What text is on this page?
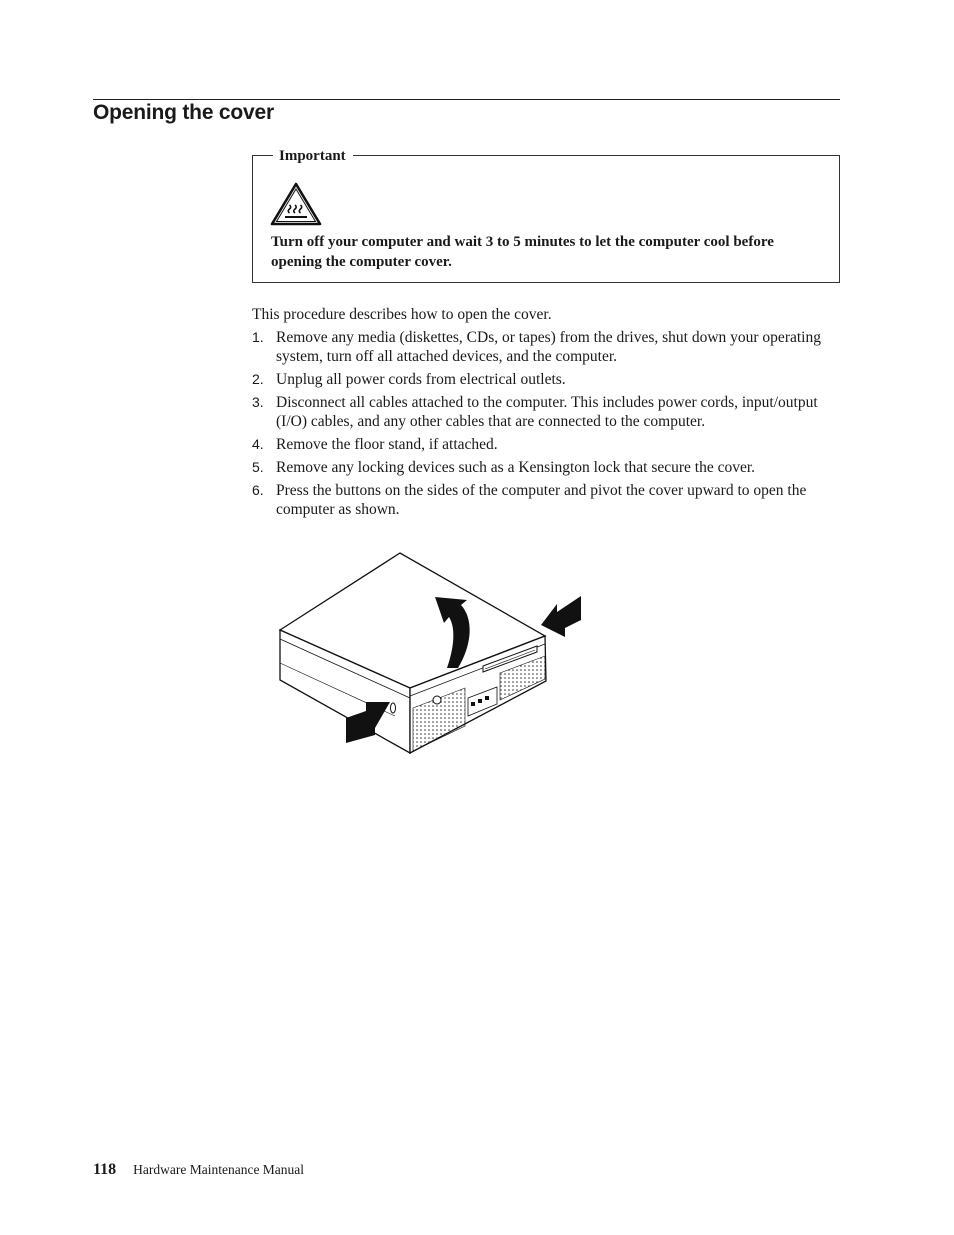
Opening the cover
Important
Turn off your computer and wait 3 to 5 minutes to let the computer cool before opening the computer cover.

This procedure describes how to open the cover.

1. Remove any media (diskettes, CDs, or tapes) from the drives, shut down your operating system, turn off all attached devices, and the computer.
2. Unplug all power cords from electrical outlets.
3. Disconnect all cables attached to the computer. This includes power cords, input/output (I/O) cables, and any other cables that are connected to the computer.
4. Remove the floor stand, if attached.
5. Remove any locking devices such as a Kensington lock that secure the cover.
6. Press the buttons on the sides of the computer and pivot the cover upward to open the computer as shown.
118 Hardware Maintenance Manual
